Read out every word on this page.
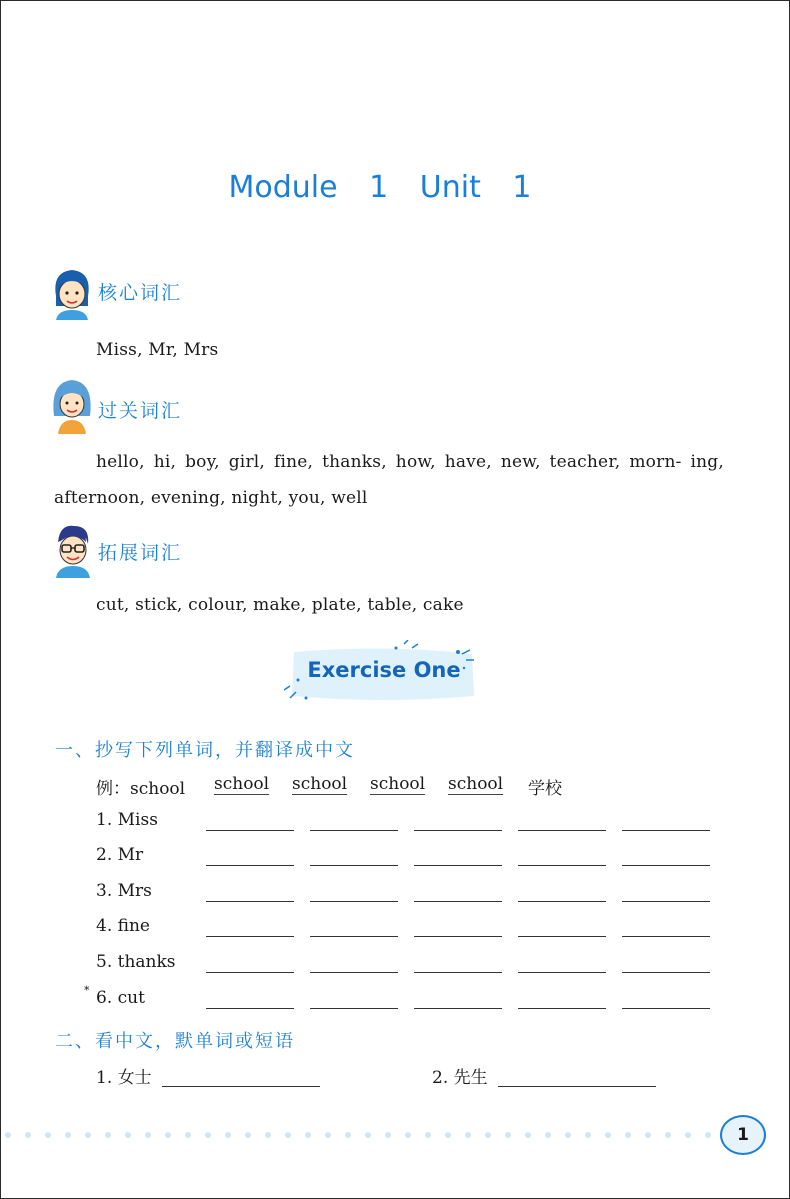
Module 1 Unit 1
核心词汇
Miss, Mr, Mrs
过关词汇
hello, hi, boy, girl, fine, thanks, how, have, new, teacher, morn- ing, afternoon, evening, night, you, well
拓展词汇
cut, stick, colour, make, plate, table, cake
Exercise One
一、抄写下列单词，并翻译成中文
例：school school school school school 学校
1. Miss
2. Mr
3. Mrs
4. fine
5. thanks
* 6. cut
二、看中文，默单词或短语
1. 女士	2. 先生
1
